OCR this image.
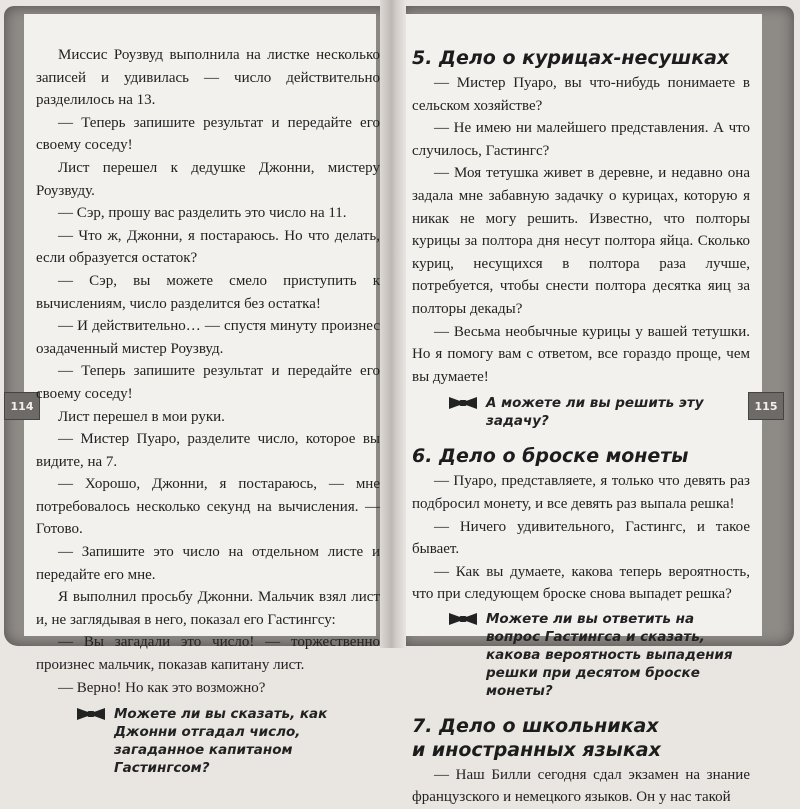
114	115

Миссис Роузвуд выполнила на листке несколько записей и удивилась — число действительно разделилось на 13.

— Теперь запишите результат и передайте его своему соседу!

Лист перешел к дедушке Джонни, мистеру Роузвуду.

— Сэр, прошу вас разделить это число на 11.

— Что ж, Джонни, я постараюсь. Но что делать, если образуется остаток?

— Сэр, вы можете смело приступить к вычислениям, число разделится без остатка!

— И действительно… — спустя минуту произнес озадаченный мистер Роузвуд.

— Теперь запишите результат и передайте его своему соседу!

Лист перешел в мои руки.

— Мистер Пуаро, разделите число, которое вы видите, на 7.

— Хорошо, Джонни, я постараюсь, — мне потребовалось несколько секунд на вычисления. — Готово.

— Запишите это число на отдельном листе и передайте его мне.

Я выполнил просьбу Джонни. Мальчик взял лист и, не заглядывая в него, показал его Гастингсу:

— Вы загадали это число! — торжественно произнес мальчик, показав капитану лист.

— Верно! Но как это возможно?

Можете ли вы сказать, как Джонни отгадал число, загаданное капитаном Гастингсом?
5. Дело о курицах-несушках

— Мистер Пуаро, вы что-нибудь понимаете в сельском хозяйстве?

— Не имею ни малейшего представления. А что случилось, Гастингс?

— Моя тетушка живет в деревне, и недавно она задала мне забавную задачку о курицах, которую я никак не могу решить. Известно, что полторы курицы за полтора дня несут полтора яйца. Сколько куриц, несущихся в полтора раза лучше, потребуется, чтобы снести полтора десятка яиц за полторы декады?

— Весьма необычные курицы у вашей тетушки. Но я помогу вам с ответом, все гораздо проще, чем вы думаете!

А можете ли вы решить эту задачу?
6. Дело о броске монеты

— Пуаро, представляете, я только что девять раз подбросил монету, и все девять раз выпала решка!

— Ничего удивительного, Гастингс, и такое бывает.

— Как вы думаете, какова теперь вероятность, что при следующем броске снова выпадет решка?

Можете ли вы ответить на вопрос Гастингса и сказать, какова вероятность выпадения решки при десятом броске монеты?
7. Дело о школьниках
и иностранных языках

— Наш Билли сегодня сдал экзамен на знание французского и немецкого языков. Он у нас такой
